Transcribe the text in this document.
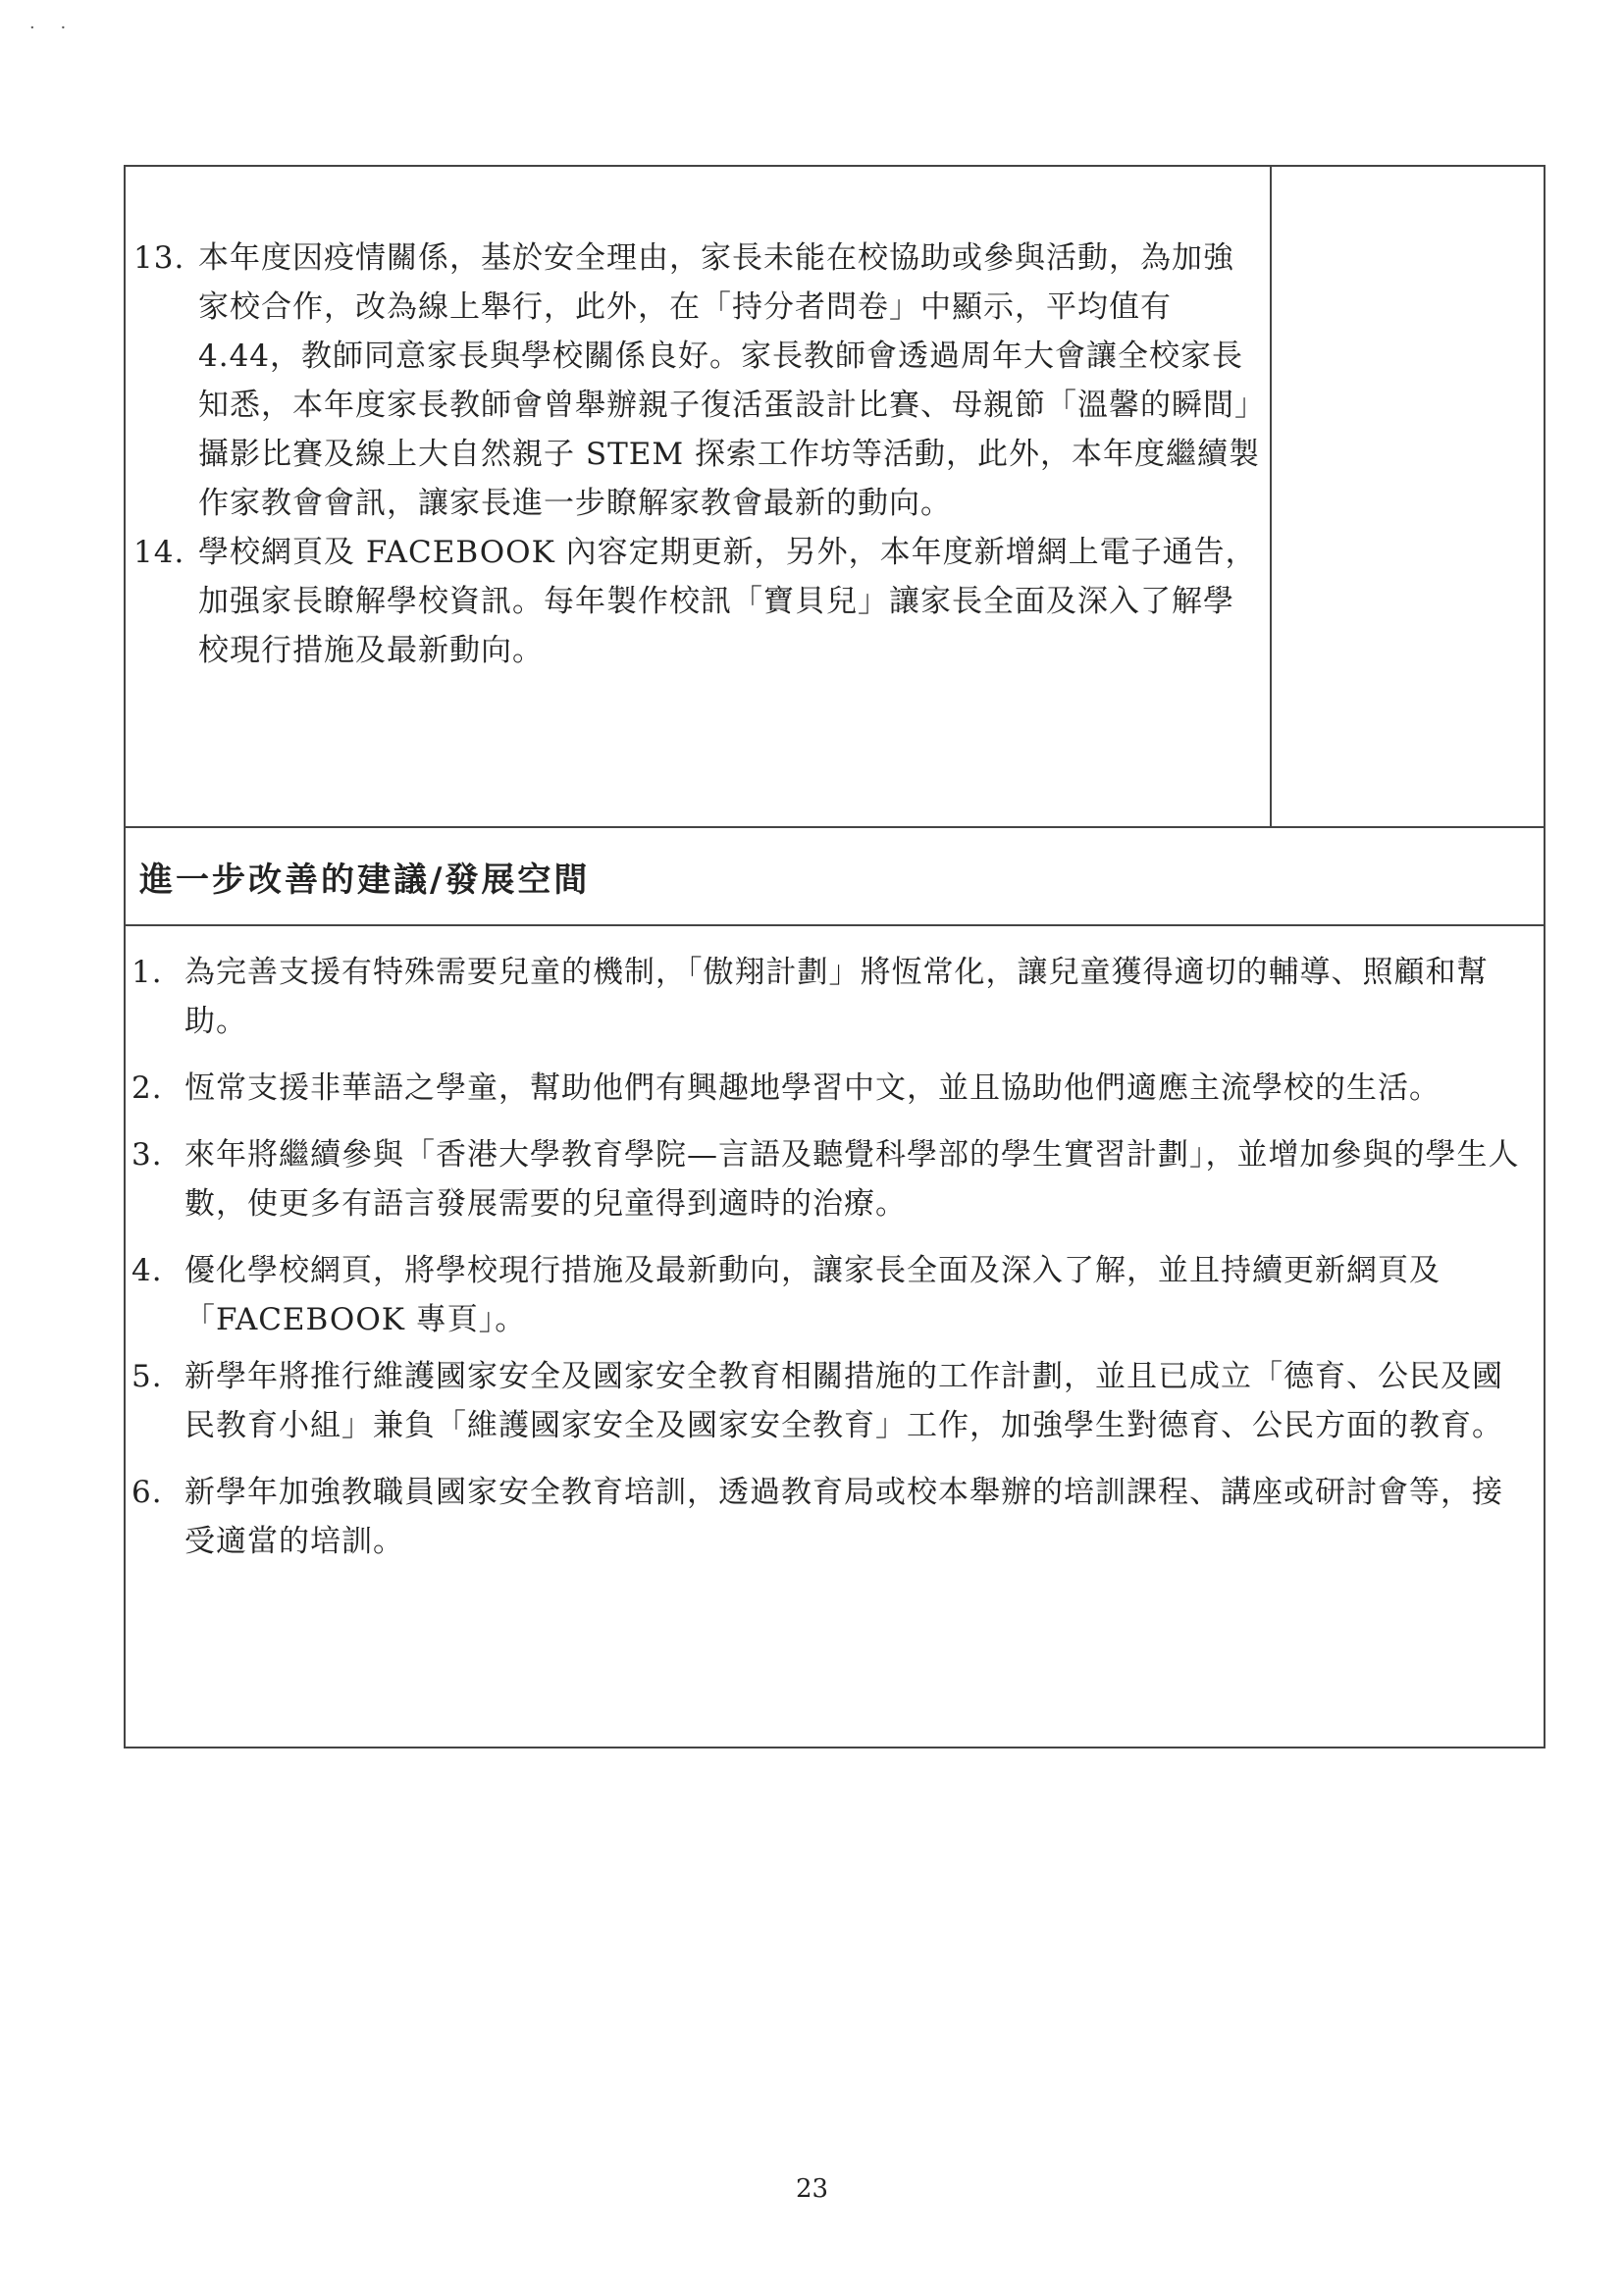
· ·
13. 本年度因疫情關係，基於安全理由，家長未能在校協助或參與活動，為加強家校合作，改為線上舉行，此外，在「持分者問卷」中顯示，平均值有4.44，教師同意家長與學校關係良好。家長教師會透過周年大會讓全校家長知悉，本年度家長教師會曾舉辦親子復活蛋設計比賽、母親節「溫馨的瞬間」攝影比賽及線上大自然親子 STEM 探索工作坊等活動，此外，本年度繼續製作家教會會訊，讓家長進一步瞭解家教會最新的動向。
14. 學校網頁及 FACEBOOK 內容定期更新，另外，本年度新增網上電子通告，加强家長瞭解學校資訊。每年製作校訊「寶貝兒」讓家長全面及深入了解學校現行措施及最新動向。
進一步改善的建議/發展空間
1. 為完善支援有特殊需要兒童的機制，「傲翔計劃」將恆常化，讓兒童獲得適切的輔導、照顧和幫助。
2. 恆常支援非華語之學童，幫助他們有興趣地學習中文，並且協助他們適應主流學校的生活。
3. 來年將繼續參與「香港大學教育學院—言語及聽覺科學部的學生實習計劃」，並增加參與的學生人數，使更多有語言發展需要的兒童得到適時的治療。
4. 優化學校網頁，將學校現行措施及最新動向，讓家長全面及深入了解，並且持續更新網頁及「FACEBOOK 專頁」。
5. 新學年將推行維護國家安全及國家安全教育相關措施的工作計劃，並且已成立「德育、公民及國民教育小組」兼負「維護國家安全及國家安全教育」工作，加強學生對德育、公民方面的教育。
6. 新學年加強教職員國家安全教育培訓，透過教育局或校本舉辦的培訓課程、講座或研討會等，接受適當的培訓。
23
